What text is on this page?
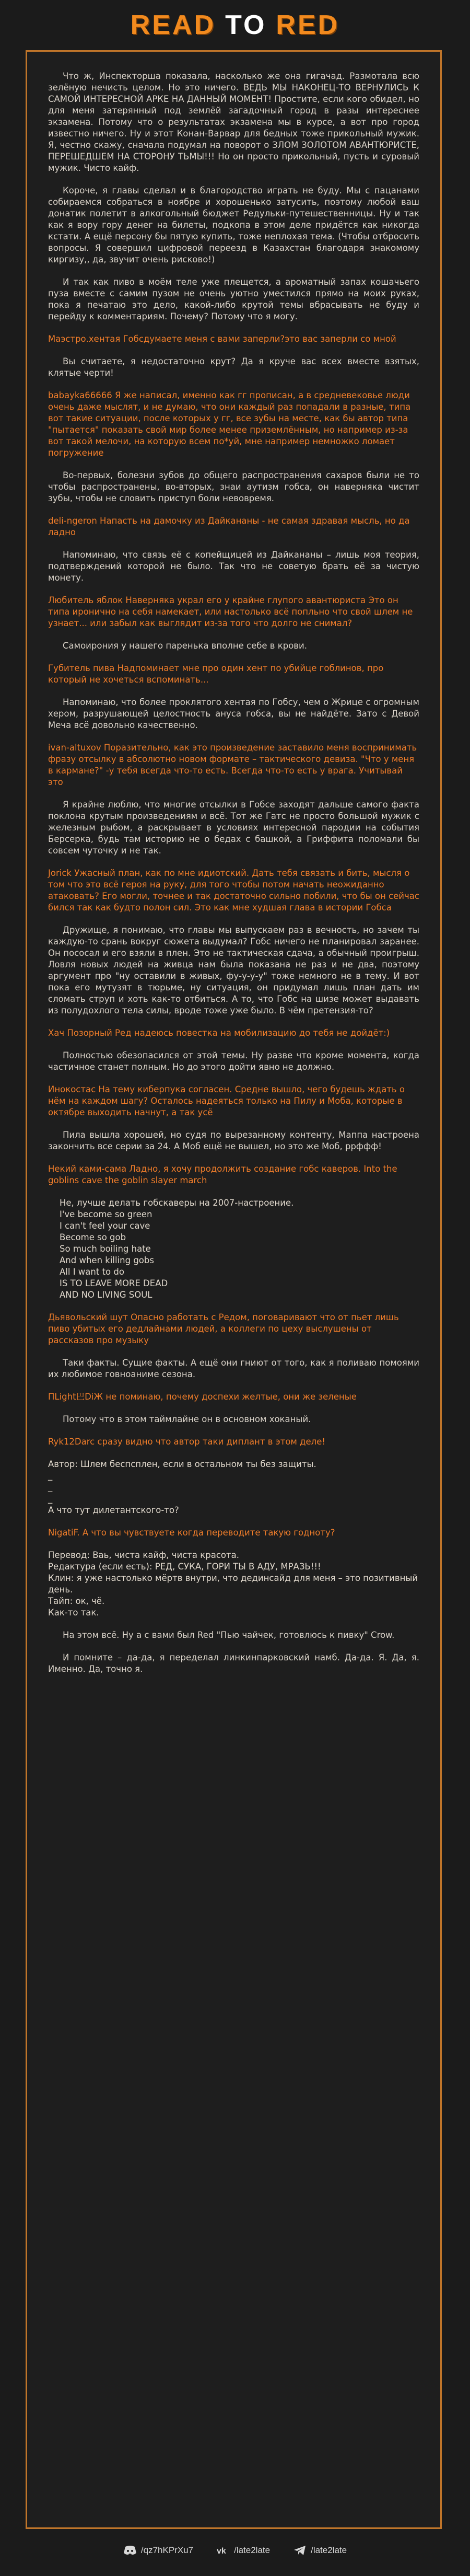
READ TO RED
Что ж, Инспекторша показала, насколько же она гигачад. Размотала всю зелёную нечисть целом. Но это ничего. ВЕДЬ МЫ НАКОНЕЦ-ТО ВЕРНУЛИСЬ К САМОЙ ИНТЕРЕСНОЙ АРКЕ НА ДАННЫЙ МОМЕНТ! Простите, если кого обидел, но для меня затерянный под землёй загадочный город в разы интереснее экзамена. Потому что о результатах экзамена мы в курсе, а вот про город известно ничего. Ну и этот Конан-Варвар для бедных тоже прикольный мужик. Я, честно скажу, сначала подумал на поворот о ЗЛОМ ЗОЛОТОМ АВАНТЮРИСТЕ, ПЕРЕШЕДШЕМ НА СТОРОНУ ТЬМЫ!!! Но он просто прикольный, пусть и суровый мужик. Чисто кайф.
Короче, я главы сделал и в благородство играть не буду. Мы с пацанами собираемся собраться в ноябре и хорошенько затусить, поэтому любой ваш донатик полетит в алкогольный бюджет Редульки-путешественницы. Ну и так как я вору гору денег на билеты, подкопа в этом деле придётся как никогда кстати. А ещё персону бы пятую купить, тоже неплохая тема. (Чтобы отбросить вопросы. Я совершил цифровой переезд в Казахстан благодаря знакомому киргизу,, да, звучит очень рисково!)
И так как пиво в моём теле уже плещется, а ароматный запах кошачьего пуза вместе с самим пузом не очень уютно уместился прямо на моих руках, пока я печатаю это дело, какой-либо крутой темы вбрасывать не буду и перейду к комментариям. Почему? Потому что я могу.
Маэстро.хентая Гобсдумаете меня с вами заперли?это вас заперли со мной
Вы считаете, я недостаточно крут? Да я круче вас всех вместе взятых, клятые черти!
babayka66666 Я же написал, именно как гг прописан, а в средневековье люди очень даже мыслят, и не думаю, что они каждый раз попадали в разные, типа вот такие ситуации, после которых у гг, все зубы на месте, как бы автор типа "пытается" показать свой мир более менее приземлённым, но например из-за вот такой мелочи, на которую всем по*уй, мне например немножко ломает погружение
Во-первых, болезни зубов до общего распространения сахаров были не то чтобы распространены, во-вторых, знаи аутизм гобса, он наверняка чистит зубы, чтобы не словить приступ боли невовремя.
deli-ngeron Напасть на дамочку из Дайкананы - не самая здравая мысль, но да ладно
Напоминаю, что связь её с копейщицей из Дайкананы – лишь моя теория, подтверждений которой не было. Так что не советую брать её за чистую монету.
Любитель яблок Наверняка украл его у крайне глупого авантюриста Это он типа иронично на себя намекает, или настолько всё попльно что свой шлем не узнает... или забыл как выглядит из-за того что долго не снимал?
Самоирония у нашего паренька вполне себе в крови.
Губитель пива Надпоминает мне про один хент по убийце гоблинов, про который не хочеться вспоминать...
Напоминаю, что более проклятого хентая по Гобсу, чем о Жрице с огромным хером, разрушающей целостность ануса гобса, вы не найдёте. Зато с Девой Меча всё довольно качественно.
ivan-altuxov Поразительно, как это произведение заставило меня воспринимать фразу отсылку в абсолютно новом формате – тактического девиза. "Что у меня в кармане?" -у тебя всегда что-то есть. Всегда что-то есть у врага. Учитывай это
Я крайне люблю, что многие отсылки в Гобсе заходят дальше самого факта поклона крутым произведениям и всё. Тот же Гатс не просто большой мужик с железным рыбом, а раскрывает в условиях интересной пародии на события Берсерка, будь там историю не о бедах с башкой, а Гриффита поломали бы совсем чуточку и не так.
Jorick Ужасный план, как по мне идиотский. Дать тебя связать и бить, мысля о том что это всё героя на руку, для того чтобы потом начать неожиданно атаковать? Его могли, точнее и так достаточно сильно побили, что бы он сейчас бился так как будто полон сил. Это как мне худшая глава в истории Гобса
Дружище, я понимаю, что главы мы выпускаем раз в вечность, но зачем ты каждую-то срань вокруг сюжета выдумал? Гобс ничего не планировал заранее. Он пососал и его взяли в плен. Это не тактическая сдача, а обычный проигрыш. Ловля новых людей на живца нам была показана не раз и не два, поэтому аргумент про "ну оставили в живых, фу-у-у-у" тоже немного не в тему. И вот пока его мутузят в тюрьме, ну ситуация, он придумал лишь план дать им сломать струп и хоть как-то отбиться. А то, что Гобс на шизе может выдавать из полудохлого тела силы, вроде тоже уже было. В чём претензия-то?
Хач Позорный Ред надеюсь повестка на мобилизацию до тебя не дойдёт:)
Полностью обезопасился от этой темы. Ну разве что кроме момента, когда частичное станет полным. Но до этого дойти явно не должно.
Инокостас На тему киберпука согласен. Средне вышло, чего будешь ждать о нём на каждом шагу? Осталось надеяться только на Пилу и Моба, которые в октябре выходить начнут, а так усё
Пила вышла хорошей, но судя по вырезанному контенту, Маппа настроена закончить все серии за 24. А Моб ещё не вышел, но это же Моб, ррффф!
Некий ками-сама Ладно, я хочу продолжить создание гобс каверов. Into the goblins cave the goblin slayer march
Не, лучше делать гобскаверы на 2007-настроение.
I've become so green
I can't feel your cave
Become so gob
So much boiling hate
And when killing gobs
All I want to do
IS TO LEAVE MORE DEAD
AND NO LIVING SOUL
Дьявольский шут Опасно работать с Редом, поговаривают что от пьет лишь пиво убитых его дедлайнами людей, а коллеги по цеху выслушены от рассказов про музыку
Таки факты. Сущие факты. А ещё они гниют от того, как я поливаю помоями их любимое говноаниме сезона.
ПLight巴DiЖ не поминаю, почему доспехи желтые, они же зеленые
Потому что в этом таймлайне он в основном хоканый.
Ryk12Darc сразу видно что автор таки диплант в этом деле!
Автор: Шлем беспсплен, если в остальном ты без защиты.
_
_
_
А что тут дилетантского-то?
NigatiF. А что вы чувствуете когда переводите такую годноту?
Перевод: Ваь, чиста кайф, чиста красота.
Редактура (если есть): РЕД, СУКА, ГОРИ ТЫ В АДУ, МРАЗЬ!!!
Клин: я уже настолько мёртв внутри, что дединсайд для меня – это позитивный день.
Тайп: ок, чё.
Как-то так.
На этом всё. Ну а с вами был Red "Пью чайчек, готовлюсь к пивку" Crow.
И помните – да-да, я переделал линкинпарковский намб. Да-да. Я. Да, я. Именно. Да, точно я.
/qz7hKPrXu7	vk /late2late	/late2late
